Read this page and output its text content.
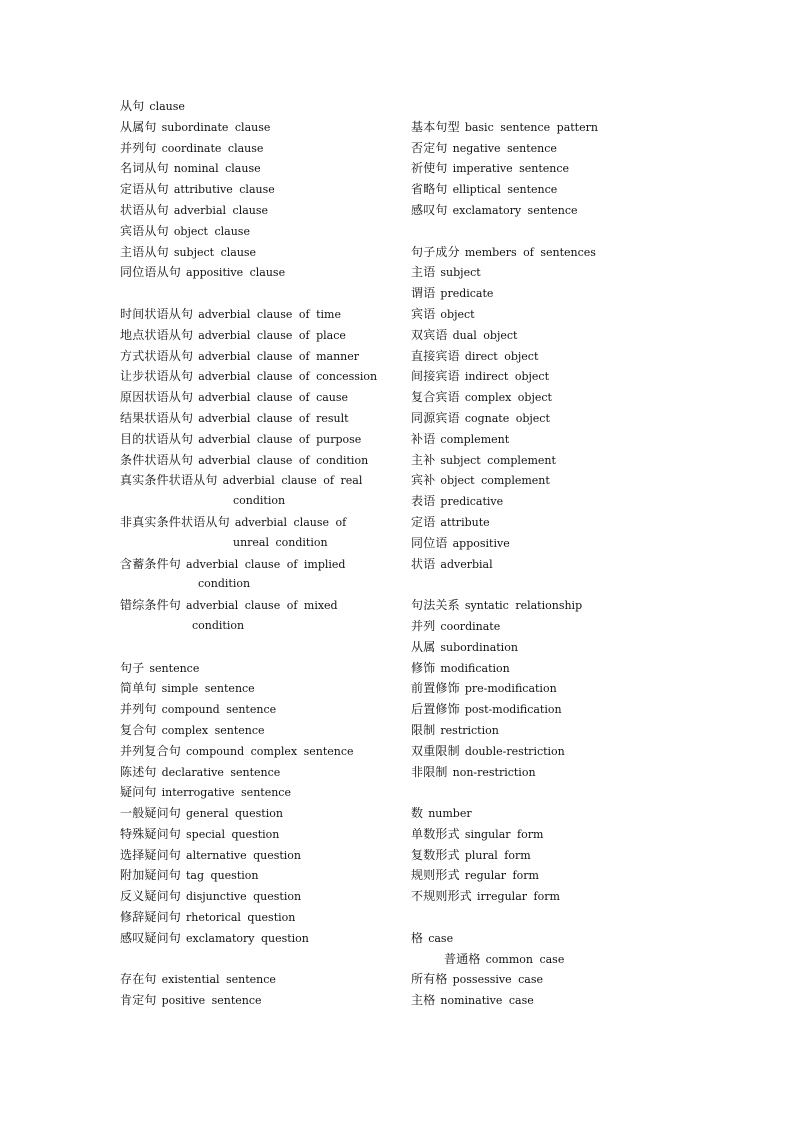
从句 clause
从属句 subordinate clause
并列句 coordinate clause
名词从句 nominal clause
定语从句 attributive clause
状语从句 adverbial clause
宾语从句 object clause
主语从句 subject clause
同位语从句 appositive clause
时间状语从句 adverbial clause of time
地点状语从句 adverbial clause of place
方式状语从句 adverbial clause of manner
让步状语从句 adverbial clause of concession
原因状语从句 adverbial clause of cause
结果状语从句 adverbial clause of result
目的状语从句 adverbial clause of purpose
条件状语从句 adverbial clause of condition
真实条件状语从句 adverbial clause of real
condition
非真实条件状语从句 adverbial clause of
unreal condition
含蓄条件句 adverbial clause of implied
condition
错综条件句 adverbial clause of mixed
condition
句子 sentence
简单句 simple sentence
并列句 compound sentence
复合句 complex sentence
并列复合句 compound complex sentence
陈述句 declarative sentence
疑问句 interrogative sentence
一般疑问句 general question
特殊疑问句 special question
选择疑问句 alternative question
附加疑问句 tag question
反义疑问句 disjunctive question
修辞疑问句 rhetorical question
感叹疑问句 exclamatory question
存在句 existential sentence
肯定句 positive sentence
基本句型 basic sentence pattern
否定句 negative sentence
祈使句 imperative sentence
省略句 elliptical sentence
感叹句 exclamatory sentence
句子成分 members of sentences
主语 subject
谓语 predicate
宾语 object
双宾语 dual object
直接宾语 direct object
间接宾语 indirect object
复合宾语 complex object
同源宾语 cognate object
补语 complement
主补 subject complement
宾补 object complement
表语 predicative
定语 attribute
同位语 appositive
状语 adverbial
句法关系 syntatic relationship
并列 coordinate
从属 subordination
修饰 modification
前置修饰 pre-modification
后置修饰 post-modification
限制 restriction
双重限制 double-restriction
非限制 non-restriction
数 number
单数形式 singular form
复数形式 plural form
规则形式 regular form
不规则形式 irregular form
格 case
普通格 common case
所有格 possessive case
主格 nominative case
